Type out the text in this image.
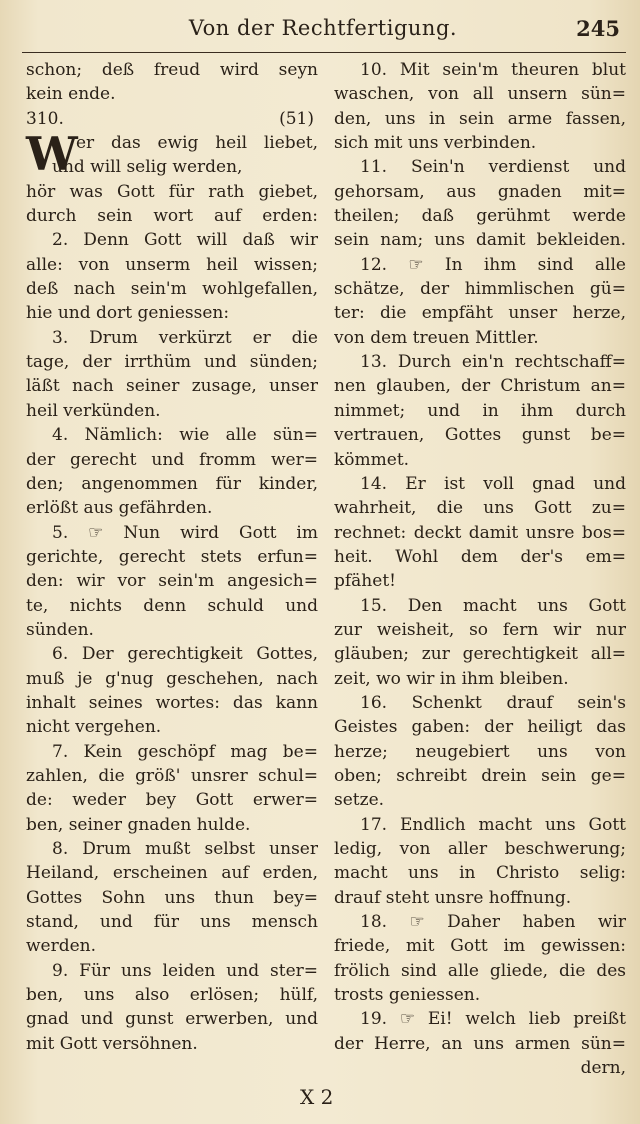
Von der Rechtfertigung.	245
schon; deß freud wird seyn
kein ende.
310.	(51)
W
er das ewig heil liebet,
und will selig werden,
hör was Gott für rath giebet,
durch sein wort auf erden:
2. Denn Gott will daß wir
alle: von unserm heil wissen;
deß nach sein'm wohlgefallen,
hie und dort geniessen:
3. Drum verkürzt er die
tage, der irrthüm und sünden;
läßt nach seiner zusage, unser
heil verkünden.
4. Nämlich: wie alle sün=
der gerecht und fromm wer=
den; angenommen für kinder,
erlößt aus gefährden.
5. ☞ Nun wird Gott im
gerichte, gerecht stets erfun=
den: wir vor sein'm angesich=
te, nichts denn schuld und
sünden.
6. Der gerechtigkeit Gottes,
muß je g'nug geschehen, nach
inhalt seines wortes: das kann
nicht vergehen.
7. Kein geschöpf mag be=
zahlen, die größ' unsrer schul=
de: weder bey Gott erwer=
ben, seiner gnaden hulde.
8. Drum mußt selbst unser
Heiland, erscheinen auf erden,
Gottes Sohn uns thun bey=
stand, und für uns mensch
werden.
9. Für uns leiden und ster=
ben, uns also erlösen; hülf,
gnad und gunst erwerben, und
mit Gott versöhnen.
10. Mit sein'm theuren blut
waschen, von all unsern sün=
den, uns in sein arme fassen,
sich mit uns verbinden.
11. Sein'n verdienst und
gehorsam, aus gnaden mit=
theilen; daß gerühmt werde
sein nam; uns damit bekleiden.
12. ☞ In ihm sind alle
schätze, der himmlischen gü=
ter: die empfäht unser herze,
von dem treuen Mittler.
13. Durch ein'n rechtschaff=
nen glauben, der Christum an=
nimmet; und in ihm durch
vertrauen, Gottes gunst be=
kömmet.
14. Er ist voll gnad und
wahrheit, die uns Gott zu=
rechnet: deckt damit unsre bos=
heit. Wohl dem der's em=
pfähet!
15. Den macht uns Gott
zur weisheit, so fern wir nur
gläuben; zur gerechtigkeit all=
zeit, wo wir in ihm bleiben.
16. Schenkt drauf sein's
Geistes gaben: der heiligt das
herze; neugebiert uns von
oben; schreibt drein sein ge=
setze.
17. Endlich macht uns Gott
ledig, von aller beschwerung;
macht uns in Christo selig:
drauf steht unsre hoffnung.
18. ☞ Daher haben wir
friede, mit Gott im gewissen:
frölich sind alle gliede, die des
trosts geniessen.
19. ☞ Ei! welch lieb preißt
der Herre, an uns armen sün=
dern,
X 2
